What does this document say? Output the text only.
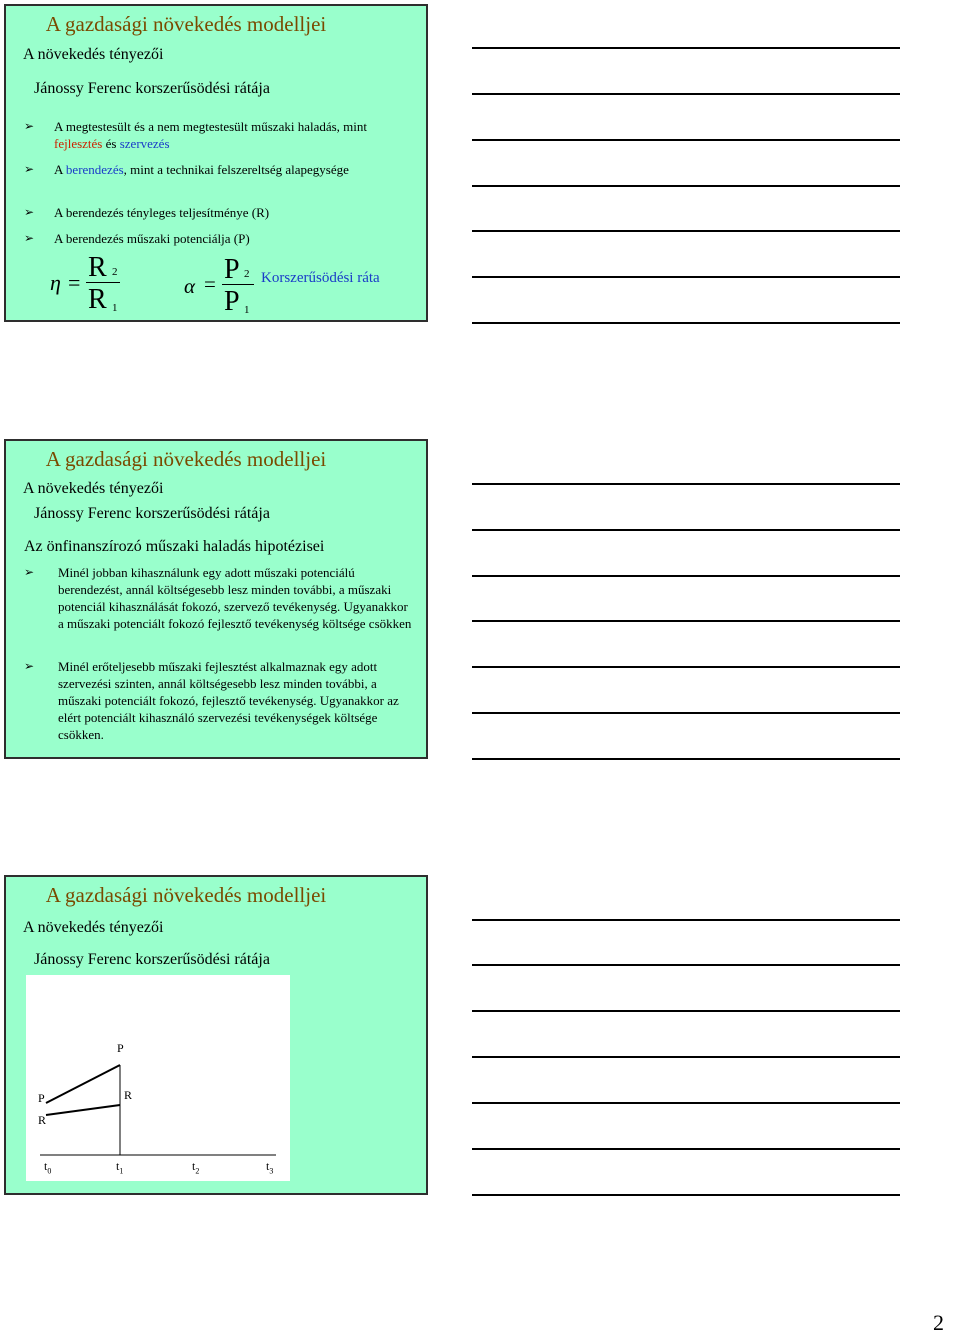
A gazdasági növekedés modelljei
A növekedés tényezői
Jánossy Ferenc korszerűsödési rátája
➢ A megtestesült és a nem megtestesült műszaki haladás, mint fejlesztés és szervezés
➢ A berendezés, mint a technikai felszereltség alapegysége
➢ A berendezés tényleges teljesítménye (R)
➢ A berendezés műszaki potenciálja (P)
η = R 2
R 1
α = P 2
P 1
Korszerűsödési ráta
A gazdasági növekedés modelljei
A növekedés tényezői
Jánossy Ferenc korszerűsödési rátája
Az önfinanszírozó műszaki haladás hipotézisei
➢ Minél jobban kihasználunk egy adott műszaki potenciálú berendezést, annál költségesebb lesz minden további, a műszaki potenciál kihasználását fokozó, szervező tevékenység. Ugyanakkor a műszaki potenciált fokozó fejlesztő tevékenység költsége csökken
➢ Minél erőteljesebb műszaki fejlesztést alkalmaznak egy adott szervezési szinten, annál költségesebb lesz minden további, a műszaki potenciált fokozó, fejlesztő tevékenység. Ugyanakkor az elért potenciált kihasználó szervezési tevékenységek költsége csökken.
A gazdasági növekedés modelljei
A növekedés tényezői
Jánossy Ferenc korszerűsödési rátája
P
R
P
R
$t_0$	$t_1$	$t_2$	$t_3$
2
